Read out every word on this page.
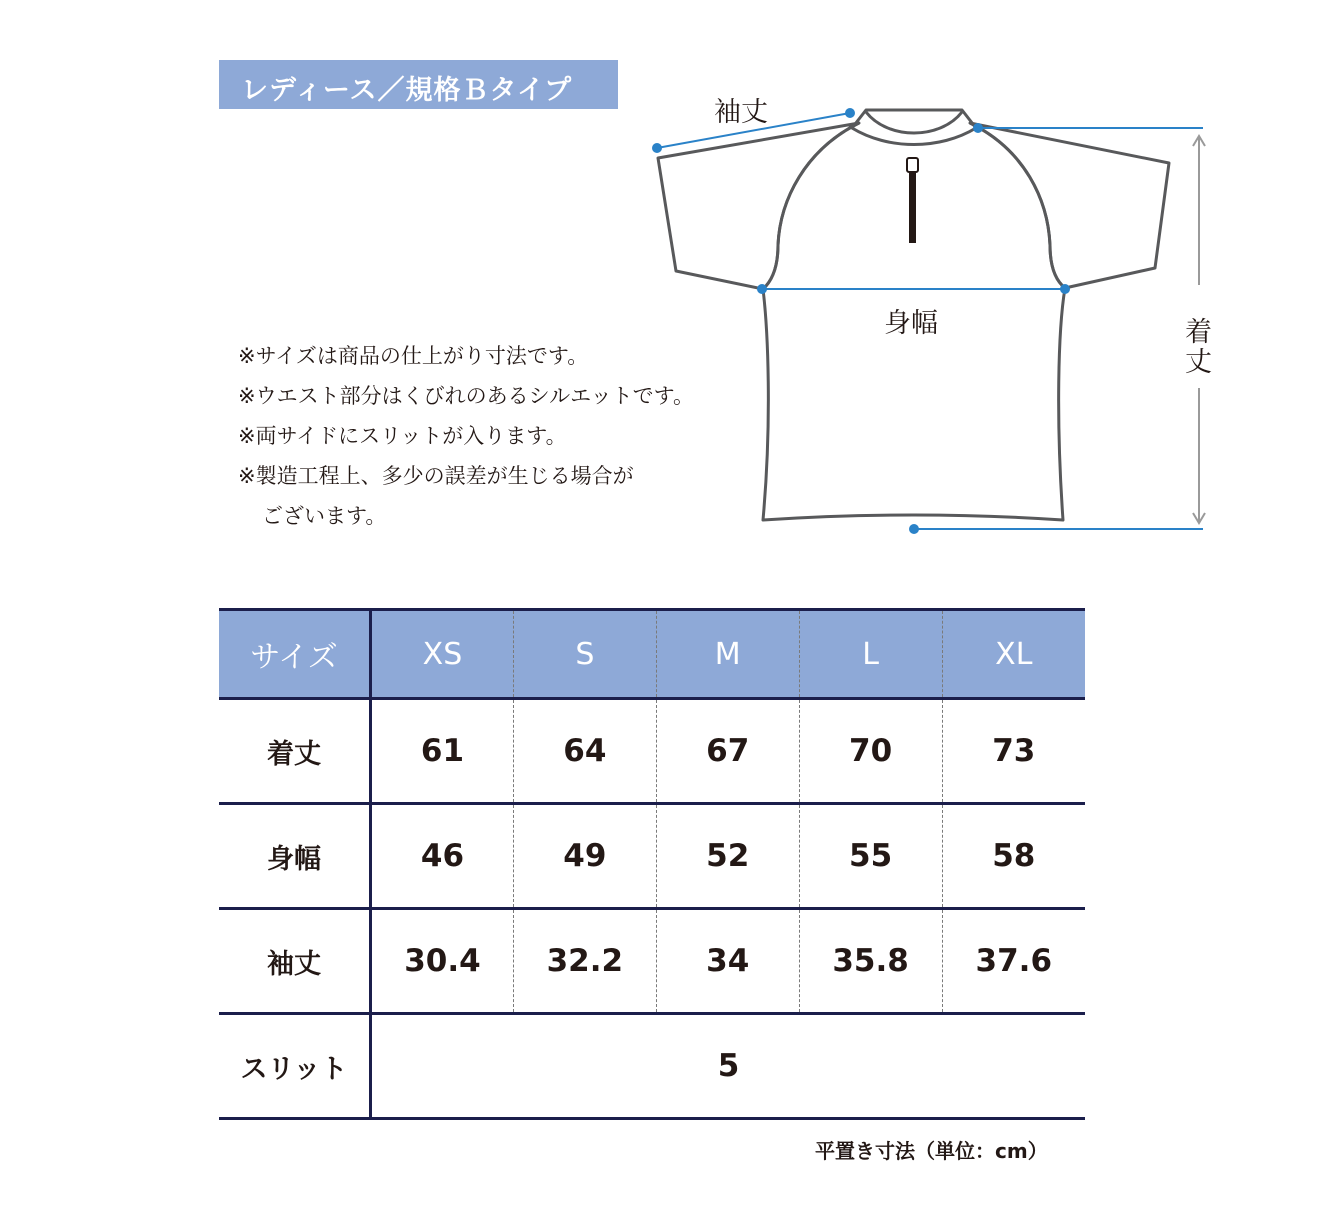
レディース／規格Ｂタイプ
袖丈
身幅	着
丈
※サイズは商品の仕上がり寸法です。
※ウエスト部分はくびれのあるシルエットです。
※両サイドにスリットが入ります。
※製造工程上、多少の誤差が生じる場合が
ございます。
サイズ	XS	S	M	L	XL
着丈	61	64	67	70	73
身幅	46	49	52	55	58
袖丈	30.4	32.2	34	35.8	37.6
スリット	5				
平置き寸法（単位：cm）
